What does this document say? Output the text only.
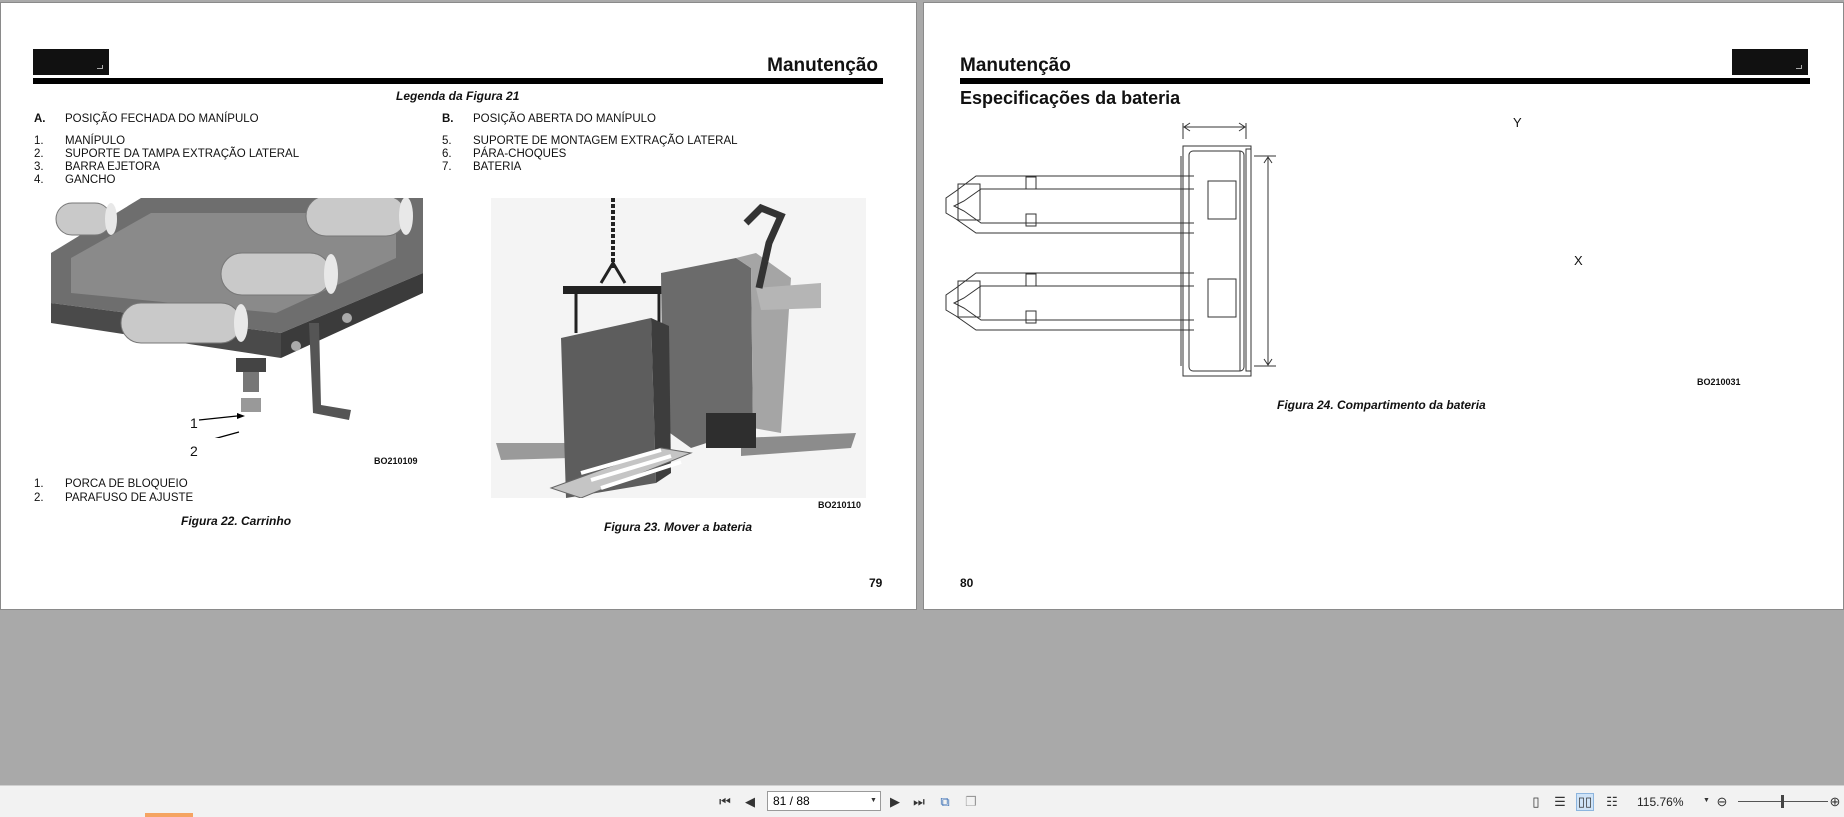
Manutenção
Legenda da Figura 21
A. POSIÇÃO FECHADA DO MANÍPULO	B. POSIÇÃO ABERTA DO MANÍPULO
1. MANÍPULO
2. SUPORTE DA TAMPA EXTRAÇÃO LATERAL
3. BARRA EJETORA
4. GANCHO
5. SUPORTE DE MONTAGEM EXTRAÇÃO LATERAL
6. PÁRA-CHOQUES
7. BATERIA
1
2
BO210109
1. PORCA DE BLOQUEIO
2. PARAFUSO DE AJUSTE
Figura 22. Carrinho
BO210110
Figura 23. Mover a bateria
79
Manutenção
Especificações da bateria
Y
X
BO210031
Figura 24. Compartimento da bateria
80
⏮	◀
81 / 88	▼	▶	⏭	⧉	❐	▯	☰ ▯▯ ☷ 115.76%	▼ ⊖	⊕
